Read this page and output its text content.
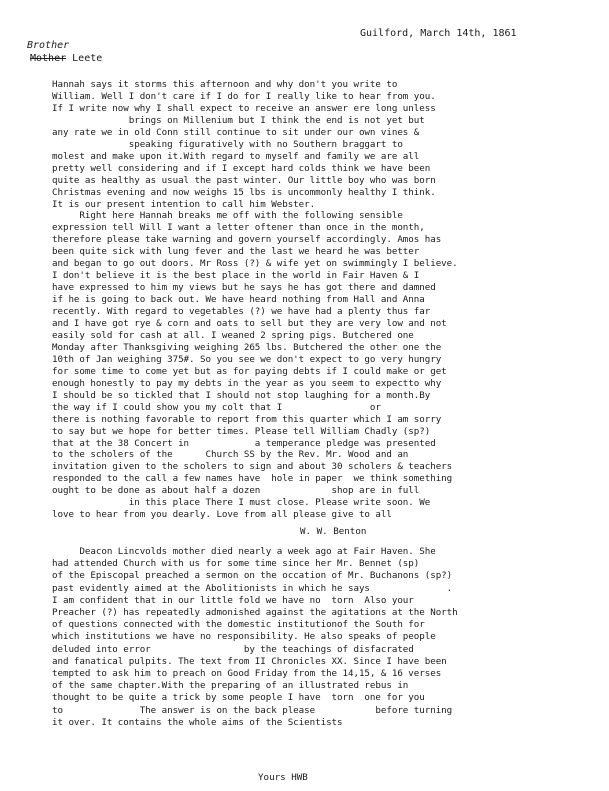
Guilford, March 14th, 1861
Brother
Mother Leete
Hannah says it storms this afternoon and why don't you write to
William. Well I don't care if I do for I really like to hear from you.
If I write now why I shall expect to receive an answer ere long unless
brings on Millenium but I think the end is not yet but
any rate we in old Conn still continue to sit under our own vines &
speaking figuratively with no Southern braggart to
molest and make upon it.With regard to myself and family we are all
pretty well considering and if I except hard colds think we have been
quite as healthy as usual the past winter. Our little boy who was born
Christmas evening and now weighs 15 lbs is uncommonly healthy I think.
It is our present intention to call him Webster.
Right here Hannah breaks me off with the following sensible
expression tell Will I want a letter oftener than once in the month,
therefore please take warning and govern yourself accordingly. Amos has
been quite sick with lung fever and the last we heard he was better
and began to go out doors. Mr Ross (?) & wife yet on swimmingly I believe.
I don't believe it is the best place in the world in Fair Haven & I
have expressed to him my views but he says he has got there and damned
if he is going to back out. We have heard nothing from Hall and Anna
recently. With regard to vegetables (?) we have had a plenty thus far
and I have got rye & corn and oats to sell but they are very low and not
easily sold for cash at all. I weaned 2 spring pigs. Butchered one
Monday after Thanksgiving weighing 265 lbs. Butchered the other one the
10th of Jan weighing 375#. So you see we don't expect to go very hungry
for some time to come yet but as for paying debts if I could make or get
enough honestly to pay my debts in the year as you seem to expectto why
I should be so tickled that I should not stop laughing for a month.By
the way if I could show you my colt that I                or
there is nothing favorable to report from this quarter which I am sorry
to say but we hope for better times. Please tell William Chadly (sp?)
that at the 38 Concert in            a temperance pledge was presented
to the scholers of the      Church SS by the Rev. Mr. Wood and an
invitation given to the scholers to sign and about 30 scholers & teachers
responded to the call a few names have  hole in paper  we think something
ought to be done as about half a dozen             shop are in full
in this place There I must close. Please write soon. We
love to hear from you dearly. Love from all please give to all
W. W. Benton
Deacon Lincvolds mother died nearly a week ago at Fair Haven. She
had attended Church with us for some time since her Mr. Bennet (sp)
of the Episcopal preached a sermon on the occation of Mr. Buchanons (sp?)
past evidently aimed at the Abolitionists in which he says              .
I am confident that in our little fold we have no  torn  Also your
Preacher (?) has repeatedly admonished against the agitations at the North
of questions connected with the domestic institutionof the South for
which institutions we have no responsibility. He also speaks of people
deluded into error                 by the teachings of disfacrated
and fanatical pulpits. The text from II Chronicles XX. Since I have been
tempted to ask him to preach on Good Friday from the 14,15, & 16 verses
of the same chapter.With the preparing of an illustrated rebus in
thought to be quite a trick by some people I have  torn  one for you
to              The answer is on the back please           before turning
it over. It contains the whole aims of the Scientists
Yours HWB
